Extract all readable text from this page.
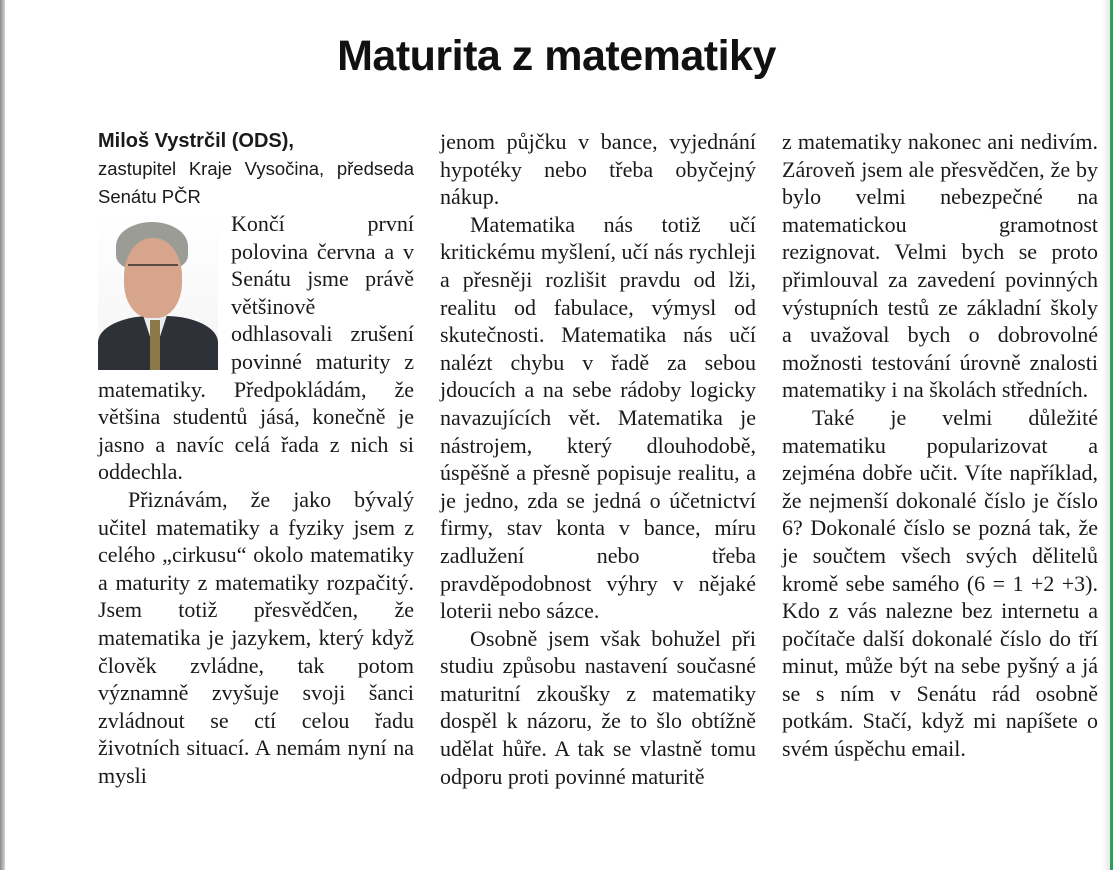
Maturita z matematiky

Miloš Vystrčil (ODS),

zastupitel Kraje Vysočina, předseda Senátu PČR

Končí první polovina června a v Senátu jsme právě většinově odhlasovali zrušení povinné maturity z matematiky. Předpokládám, že většina studentů jásá, konečně je jasno a navíc celá řada z nich si oddechla.

Přiznávám, že jako bývalý učitel matematiky a fyziky jsem z celého „cirkusu“ okolo matematiky a maturity z matematiky rozpačitý. Jsem totiž přesvědčen, že matematika je jazykem, který když člověk zvládne, tak potom významně zvyšuje svoji šanci zvládnout se ctí celou řadu životních situací. A nemám nyní na mysli

jenom půjčku v bance, vyjednání hypotéky nebo třeba obyčejný nákup.

Matematika nás totiž učí kritickému myšlení, učí nás rychleji a přesněji rozlišit pravdu od lži, realitu od fabulace, výmysl od skutečnosti. Matematika nás učí nalézt chybu v řadě za sebou jdoucích a na sebe rádoby logicky navazujících vět. Matematika je nástrojem, který dlouhodobě, úspěšně a přesně popisuje realitu, a je jedno, zda se jedná o účetnictví firmy, stav konta v bance, míru zadlužení nebo třeba pravděpodobnost výhry v nějaké loterii nebo sázce.

Osobně jsem však bohužel při studiu způsobu nastavení současné maturitní zkoušky z matematiky dospěl k názoru, že to šlo obtížně udělat hůře. A tak se vlastně tomu odporu proti povinné maturitě

z matematiky nakonec ani nedivím. Zároveň jsem ale přesvědčen, že by bylo velmi nebezpečné na matematickou gramotnost rezignovat. Velmi bych se proto přimlouval za zavedení povinných výstupních testů ze základní školy a uvažoval bych o dobrovolné možnosti testování úrovně znalosti matematiky i na školách středních.

Také je velmi důležité matematiku popularizovat a zejména dobře učit. Víte například, že nejmenší dokonalé číslo je číslo 6? Dokonalé číslo se pozná tak, že je součtem všech svých dělitelů kromě sebe samého (6 = 1 +2 +3). Kdo z vás nalezne bez internetu a počítače další dokonalé číslo do tří minut, může být na sebe pyšný a já se s ním v Senátu rád osobně potkám. Stačí, když mi napíšete o svém úspěchu email.
